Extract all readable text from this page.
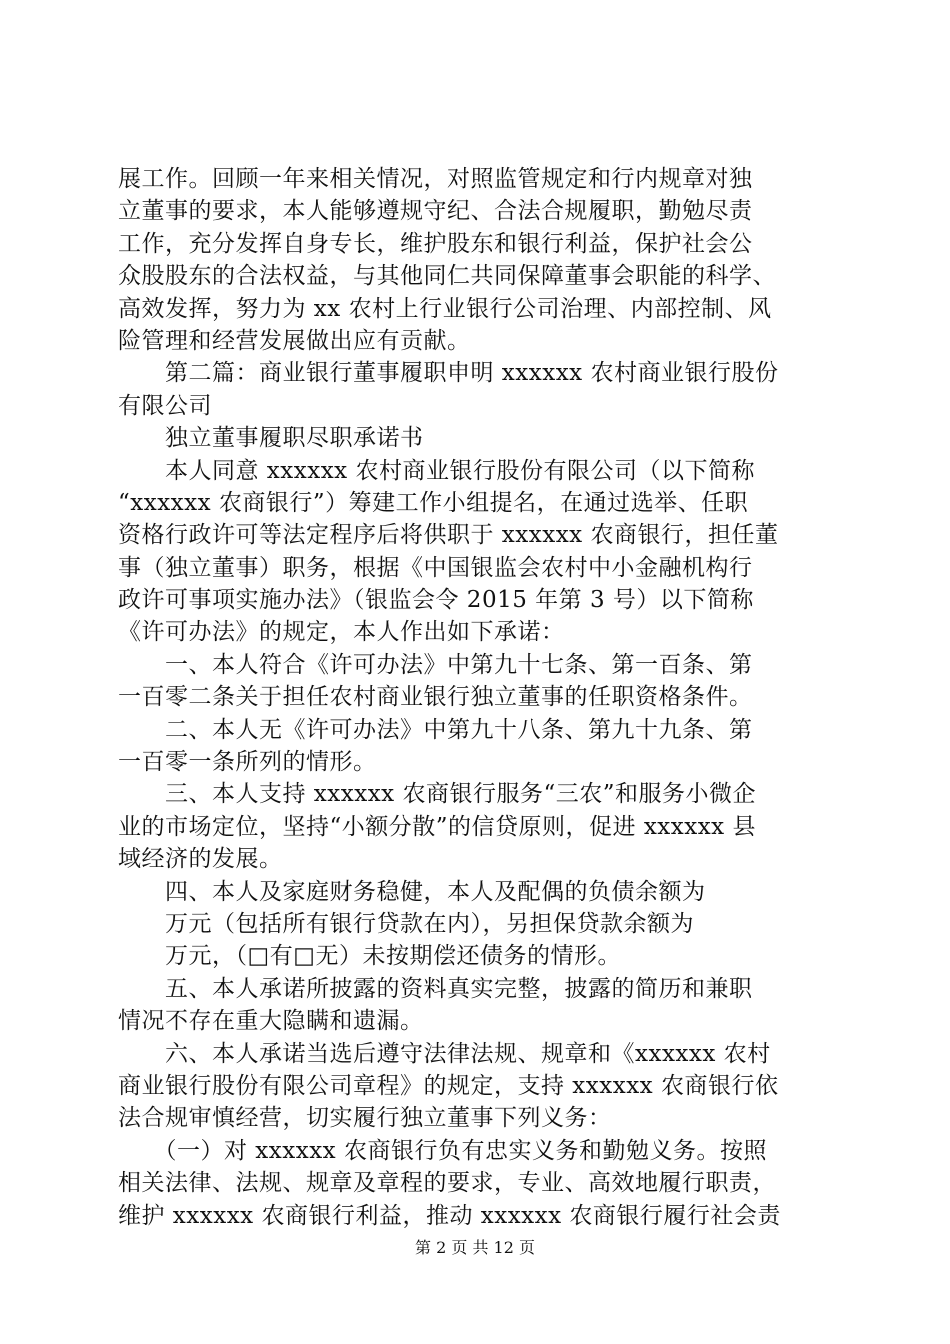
展工作。回顾一年来相关情况，对照监管规定和行内规章对独
立董事的要求，本人能够遵规守纪、合法合规履职，勤勉尽责
工作，充分发挥自身专长，维护股东和银行利益，保护社会公
众股股东的合法权益，与其他同仁共同保障董事会职能的科学、
高效发挥，努力为 xx 农村上行业银行公司治理、内部控制、风
险管理和经营发展做出应有贡献。
　　第二篇：商业银行董事履职申明 xxxxxx 农村商业银行股份
有限公司
　　独立董事履职尽职承诺书
　　本人同意 xxxxxx 农村商业银行股份有限公司（以下简称
“xxxxxx 农商银行”）筹建工作小组提名，在通过选举、任职
资格行政许可等法定程序后将供职于 xxxxxx 农商银行，担任董
事（独立董事）职务，根据《中国银监会农村中小金融机构行
政许可事项实施办法》（银监会令 2015 年第 3 号）以下简称
《许可办法》的规定，本人作出如下承诺：
　　一、本人符合《许可办法》中第九十七条、第一百条、第
一百零二条关于担任农村商业银行独立董事的任职资格条件。
　　二、本人无《许可办法》中第九十八条、第九十九条、第
一百零一条所列的情形。
　　三、本人支持 xxxxxx 农商银行服务“三农”和服务小微企
业的市场定位，坚持“小额分散”的信贷原则，促进 xxxxxx 县
域经济的发展。
　　四、本人及家庭财务稳健，本人及配偶的负债余额为
　　万元（包括所有银行贷款在内），另担保贷款余额为
　　万元，（□有□无）未按期偿还债务的情形。
　　五、本人承诺所披露的资料真实完整，披露的简历和兼职
情况不存在重大隐瞒和遗漏。
　　六、本人承诺当选后遵守法律法规、规章和《xxxxxx 农村
商业银行股份有限公司章程》的规定，支持 xxxxxx 农商银行依
法合规审慎经营，切实履行独立董事下列义务：
　　（一）对 xxxxxx 农商银行负有忠实义务和勤勉义务。按照
相关法律、法规、规章及章程的要求，专业、高效地履行职责，
维护 xxxxxx 农商银行利益，推动 xxxxxx 农商银行履行社会责
第 2 页 共 12 页
